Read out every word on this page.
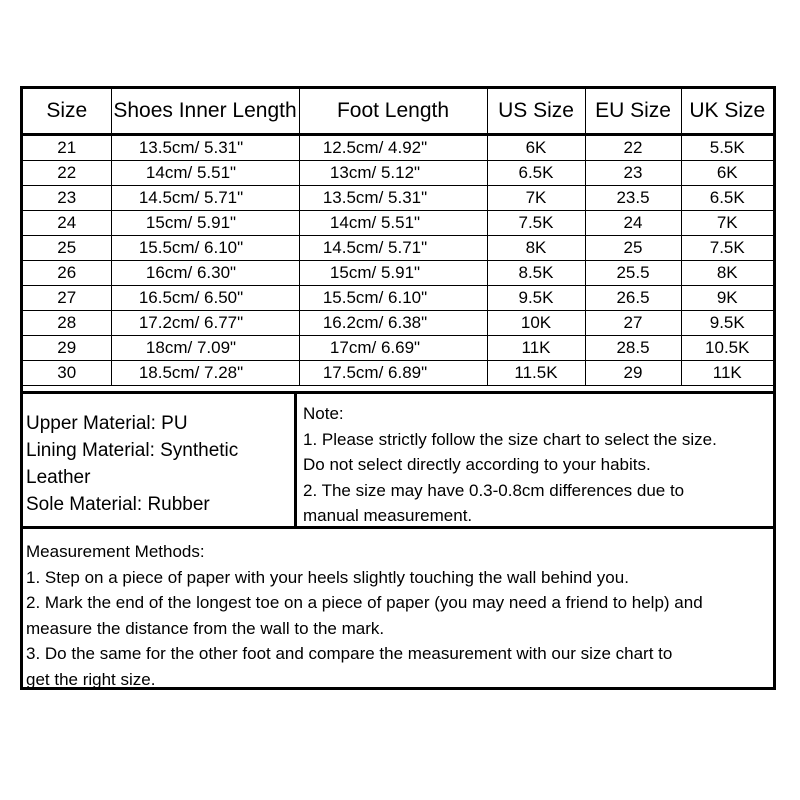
Size	Shoes Inner Length	Foot Length	US Size	EU Size	UK Size
21	13.5cm/ 5.31"	12.5cm/ 4.92"	6K	22	5.5K
22	14cm/ 5.51"	13cm/ 5.12"	6.5K	23	6K
23	14.5cm/ 5.71"	13.5cm/ 5.31"	7K	23.5	6.5K
24	15cm/ 5.91"	14cm/ 5.51"	7.5K	24	7K
25	15.5cm/ 6.10"	14.5cm/ 5.71"	8K	25	7.5K
26	16cm/ 6.30"	15cm/ 5.91"	8.5K	25.5	8K
27	16.5cm/ 6.50"	15.5cm/ 6.10"	9.5K	26.5	9K
28	17.2cm/ 6.77"	16.2cm/ 6.38"	10K	27	9.5K
29	18cm/ 7.09"	17cm/ 6.69"	11K	28.5	10.5K
30	18.5cm/ 7.28"	17.5cm/ 6.89"	11.5K	29	11K
Upper Material: PU
Lining Material: Synthetic
Leather
Sole Material: Rubber
Note:
1. Please strictly follow the size chart to select the size.
Do not select directly according to your habits.
2. The size may have 0.3-0.8cm differences due to
manual measurement.
Measurement Methods:
1. Step on a piece of paper with your heels slightly touching the wall behind you.
2. Mark the end of the longest toe on a piece of paper (you may need a friend to help) and
measure the distance from the wall to the mark.
3. Do the same for the other foot and compare the measurement with our size chart to
get the right size.
